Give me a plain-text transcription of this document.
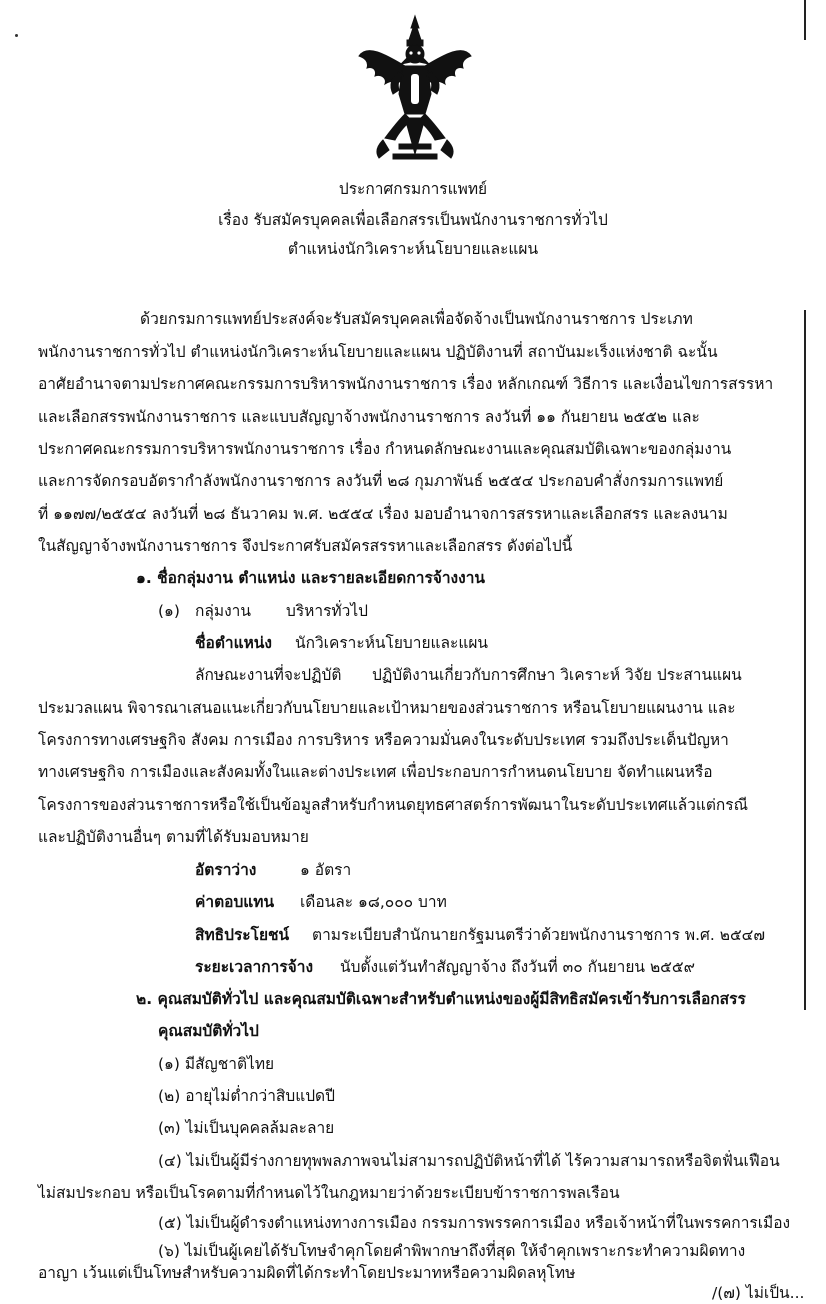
ประกาศกรมการแพทย์
เรื่อง รับสมัครบุคคลเพื่อเลือกสรรเป็นพนักงานราชการทั่วไป
ตำแหน่งนักวิเคราะห์นโยบายและแผน
ด้วยกรมการแพทย์ประสงค์จะรับสมัครบุคคลเพื่อจัดจ้างเป็นพนักงานราชการ ประเภท
พนักงานราชการทั่วไป ตำแหน่งนักวิเคราะห์นโยบายและแผน ปฏิบัติงานที่ สถาบันมะเร็งแห่งชาติ ฉะนั้น
อาศัยอำนาจตามประกาศคณะกรรมการบริหารพนักงานราชการ เรื่อง หลักเกณฑ์ วิธีการ และเงื่อนไขการสรรหา
และเลือกสรรพนักงานราชการ และแบบสัญญาจ้างพนักงานราชการ ลงวันที่ ๑๑ กันยายน ๒๕๕๒ และ
ประกาศคณะกรรมการบริหารพนักงานราชการ เรื่อง กำหนดลักษณะงานและคุณสมบัติเฉพาะของกลุ่มงาน
และการจัดกรอบอัตรากำลังพนักงานราชการ ลงวันที่ ๒๘ กุมภาพันธ์ ๒๕๕๔ ประกอบคำสั่งกรมการแพทย์
ที่ ๑๑๗๗/๒๕๕๔ ลงวันที่ ๒๘ ธันวาคม พ.ศ. ๒๕๕๔ เรื่อง มอบอำนาจการสรรหาและเลือกสรร และลงนาม
ในสัญญาจ้างพนักงานราชการ จึงประกาศรับสมัครสรรหาและเลือกสรร ดังต่อไปนี้
๑. ชื่อกลุ่มงาน ตำแหน่ง และรายละเอียดการจ้างงาน
(๑) กลุ่มงาน บริหารทั่วไป
ชื่อตำแหน่ง นักวิเคราะห์นโยบายและแผน
ลักษณะงานที่จะปฏิบัติ ปฏิบัติงานเกี่ยวกับการศึกษา วิเคราะห์ วิจัย ประสานแผน
ประมวลแผน พิจารณาเสนอแนะเกี่ยวกับนโยบายและเป้าหมายของส่วนราชการ หรือนโยบายแผนงาน และ
โครงการทางเศรษฐกิจ สังคม การเมือง การบริหาร หรือความมั่นคงในระดับประเทศ รวมถึงประเด็นปัญหา
ทางเศรษฐกิจ การเมืองและสังคมทั้งในและต่างประเทศ เพื่อประกอบการกำหนดนโยบาย จัดทำแผนหรือ
โครงการของส่วนราชการหรือใช้เป็นข้อมูลสำหรับกำหนดยุทธศาสตร์การพัฒนาในระดับประเทศแล้วแต่กรณี
และปฏิบัติงานอื่นๆ ตามที่ได้รับมอบหมาย
อัตราว่าง	๑ อัตรา
ค่าตอบแทน เดือนละ ๑๘,๐๐๐ บาท
สิทธิประโยชน์ ตามระเบียบสำนักนายกรัฐมนตรีว่าด้วยพนักงานราชการ พ.ศ. ๒๕๔๗
ระยะเวลาการจ้าง นับตั้งแต่วันทำสัญญาจ้าง ถึงวันที่ ๓๐ กันยายน ๒๕๕๙
๒. คุณสมบัติทั่วไป และคุณสมบัติเฉพาะสำหรับตำแหน่งของผู้มีสิทธิสมัครเข้ารับการเลือกสรร
คุณสมบัติทั่วไป
(๑) มีสัญชาติไทย
(๒) อายุไม่ต่ำกว่าสิบแปดปี
(๓) ไม่เป็นบุคคลล้มละลาย
(๔) ไม่เป็นผู้มีร่างกายทุพพลภาพจนไม่สามารถปฏิบัติหน้าที่ได้ ไร้ความสามารถหรือจิตฟั่นเฟือน
ไม่สมประกอบ หรือเป็นโรคตามที่กำหนดไว้ในกฎหมายว่าด้วยระเบียบข้าราชการพลเรือน
(๕) ไม่เป็นผู้ดำรงตำแหน่งทางการเมือง กรรมการพรรคการเมือง หรือเจ้าหน้าที่ในพรรคการเมือง
(๖) ไม่เป็นผู้เคยได้รับโทษจำคุกโดยคำพิพากษาถึงที่สุด ให้จำคุกเพราะกระทำความผิดทาง
อาญา เว้นแต่เป็นโทษสำหรับความผิดที่ได้กระทำโดยประมาทหรือความผิดลหุโทษ
/(๗) ไม่เป็น...
